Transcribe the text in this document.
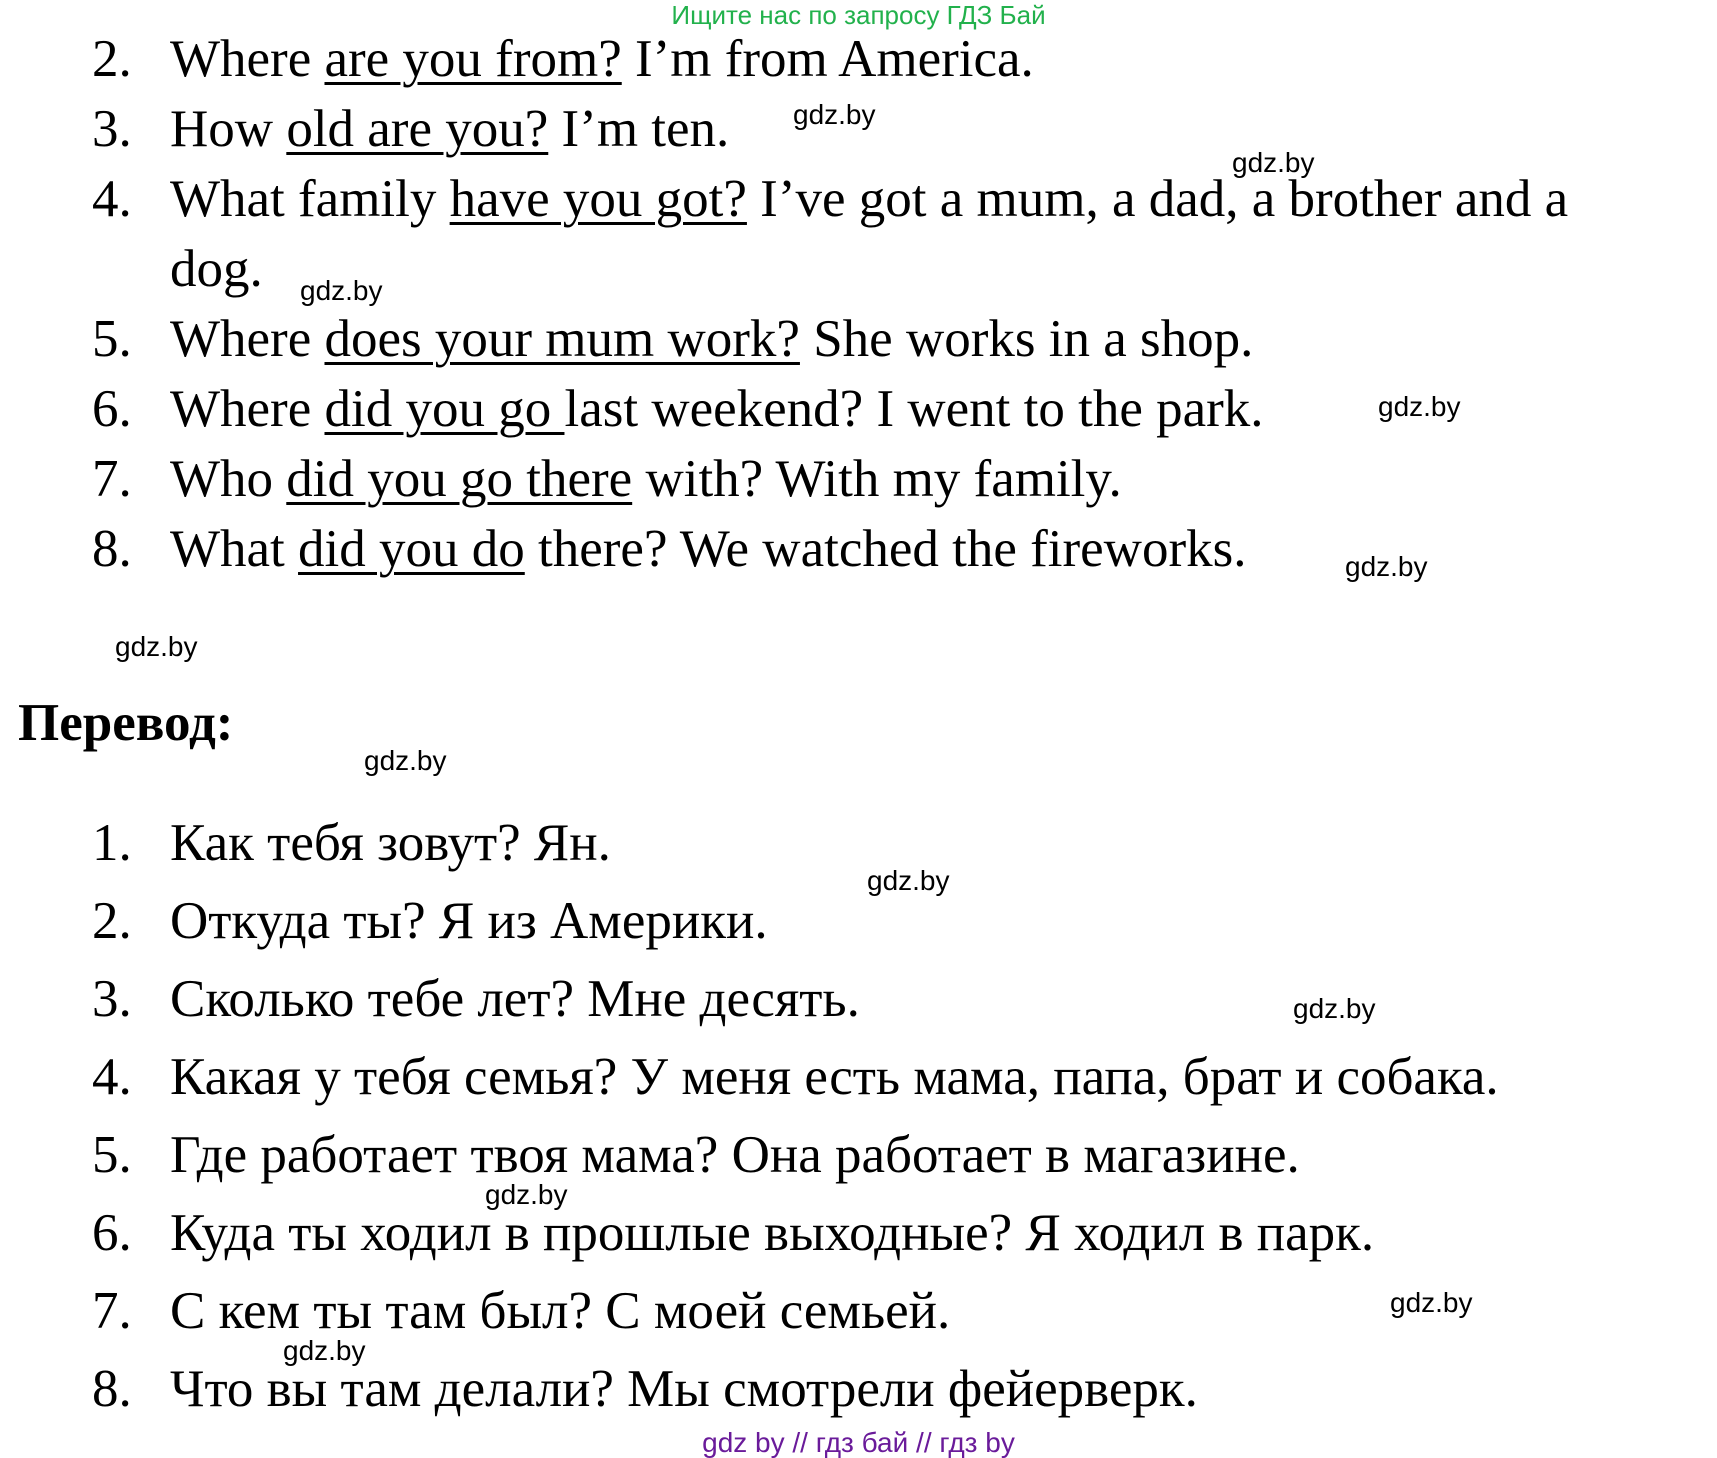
Ищите нас по запросу ГДЗ Бай
2. Where are you from? I’m from America.
3. How old are you? I’m ten.
4. What family have you got? I’ve got a mum, a dad, a brother and a
dog.
5. Where does your mum work? She works in a shop.
6. Where did you go last weekend? I went to the park.
7. Who did you go there with? With my family.
8. What did you do there? We watched the fireworks.
Перевод:
1. Как тебя зовут? Ян.
2. Откуда ты? Я из Америки.
3. Сколько тебе лет? Мне десять.
4. Какая у тебя семья? У меня есть мама, папа, брат и собака.
5. Где работает твоя мама? Она работает в магазине.
6. Куда ты ходил в прошлые выходные? Я ходил в парк.
7. С кем ты там был? С моей семьей.
8. Что вы там делали? Мы смотрели фейерверк.
gdz.by
gdz.by
gdz.by
gdz.by
gdz.by
gdz.by
gdz.by
gdz.by
gdz.by
gdz.by
gdz.by
gdz.by
gdz by // гдз бай // гдз by
